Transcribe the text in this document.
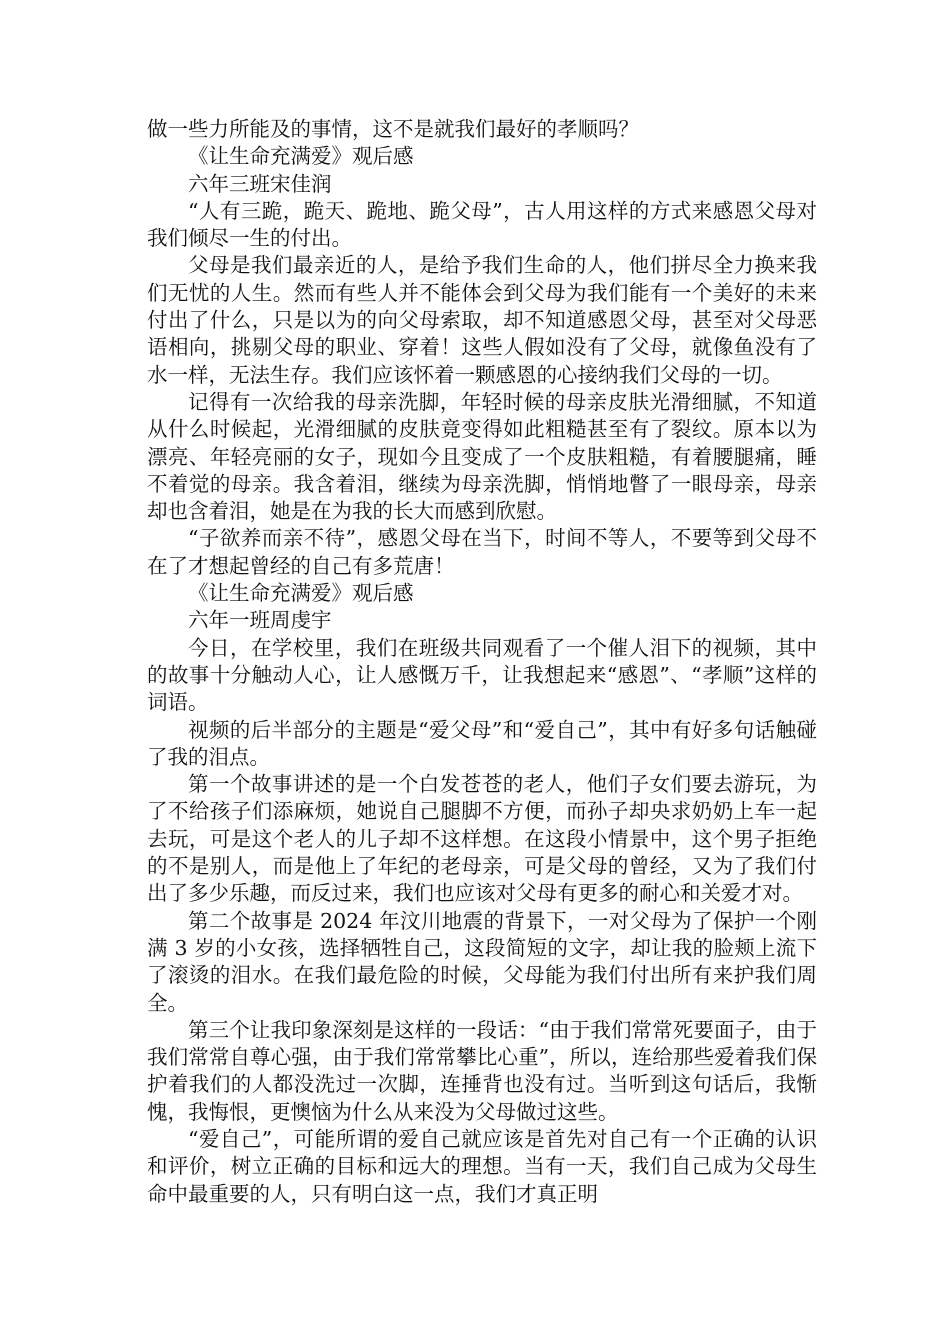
做一些力所能及的事情，这不是就我们最好的孝顺吗？

《让生命充满爱》观后感

六年三班宋佳润

“人有三跪，跪天、跪地、跪父母”，古人用这样的方式来感恩父母对我们倾尽一生的付出。

父母是我们最亲近的人，是给予我们生命的人，他们拼尽全力换来我们无忧的人生。然而有些人并不能体会到父母为我们能有一个美好的未来付出了什么，只是以为的向父母索取，却不知道感恩父母，甚至对父母恶语相向，挑剔父母的职业、穿着！这些人假如没有了父母，就像鱼没有了水一样，无法生存。我们应该怀着一颗感恩的心接纳我们父母的一切。

记得有一次给我的母亲洗脚，年轻时候的母亲皮肤光滑细腻，不知道从什么时候起，光滑细腻的皮肤竟变得如此粗糙甚至有了裂纹。原本以为漂亮、年轻亮丽的女子，现如今且变成了一个皮肤粗糙，有着腰腿痛，睡不着觉的母亲。我含着泪，继续为母亲洗脚，悄悄地瞥了一眼母亲，母亲却也含着泪，她是在为我的长大而感到欣慰。

“子欲养而亲不待”，感恩父母在当下，时间不等人，不要等到父母不在了才想起曾经的自己有多荒唐！

《让生命充满爱》观后感

六年一班周虔宇

今日，在学校里，我们在班级共同观看了一个催人泪下的视频，其中的故事十分触动人心，让人感慨万千，让我想起来“感恩”、“孝顺”这样的词语。

视频的后半部分的主题是“爱父母”和“爱自己”，其中有好多句话触碰了我的泪点。

第一个故事讲述的是一个白发苍苍的老人，他们子女们要去游玩，为了不给孩子们添麻烦，她说自己腿脚不方便，而孙子却央求奶奶上车一起去玩，可是这个老人的儿子却不这样想。在这段小情景中，这个男子拒绝的不是别人，而是他上了年纪的老母亲，可是父母的曾经，又为了我们付出了多少乐趣，而反过来，我们也应该对父母有更多的耐心和关爱才对。

第二个故事是 2024 年汶川地震的背景下，一对父母为了保护一个刚满 3 岁的小女孩，选择牺牲自己，这段简短的文字，却让我的脸颊上流下了滚烫的泪水。在我们最危险的时候，父母能为我们付出所有来护我们周全。

第三个让我印象深刻是这样的一段话：“由于我们常常死要面子，由于我们常常自尊心强，由于我们常常攀比心重”，所以，连给那些爱着我们保护着我们的人都没洗过一次脚，连捶背也没有过。当听到这句话后，我惭愧，我悔恨，更懊恼为什么从来没为父母做过这些。

“爱自己”，可能所谓的爱自己就应该是首先对自己有一个正确的认识和评价，树立正确的目标和远大的理想。当有一天，我们自己成为父母生命中最重要的人，只有明白这一点，我们才真正明
